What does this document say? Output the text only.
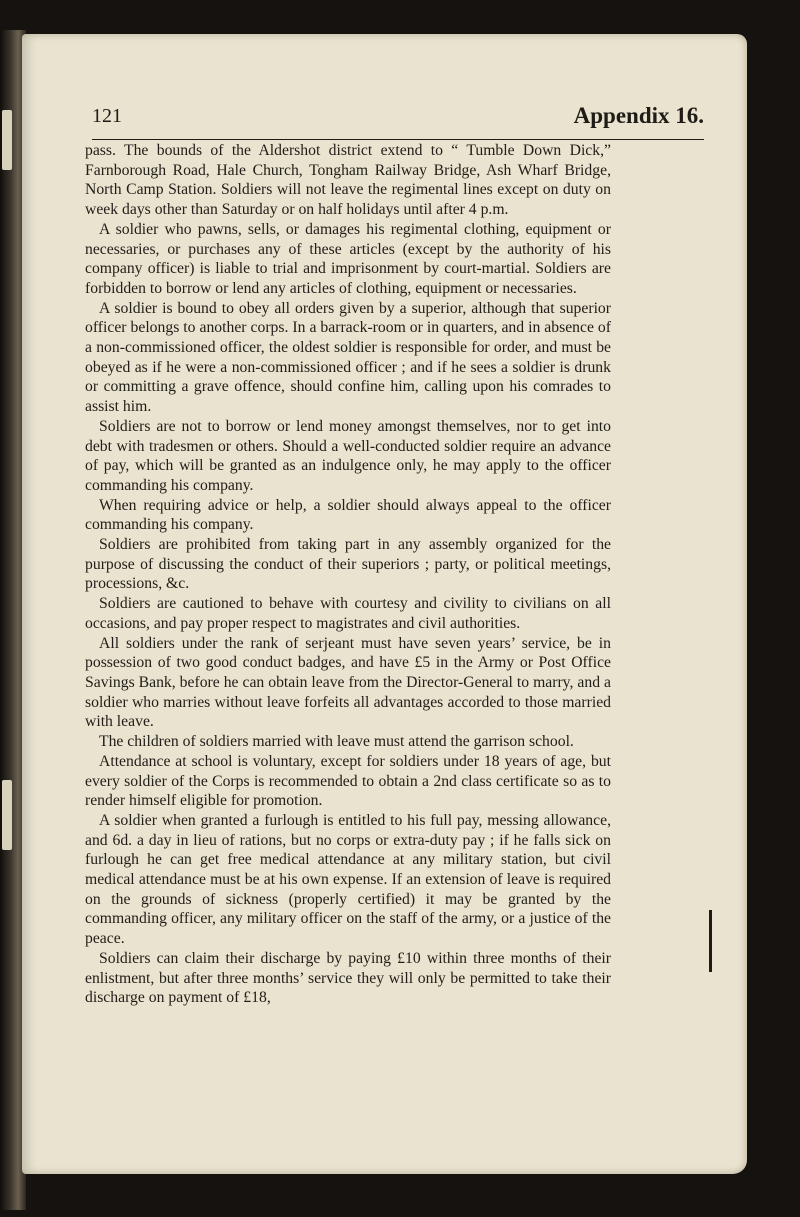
121	Appendix 16.

pass. The bounds of the Aldershot district extend to “ Tumble Down Dick,” Farnborough Road, Hale Church, Tongham Railway Bridge, Ash Wharf Bridge, North Camp Station. Soldiers will not leave the regimental lines except on duty on week days other than Saturday or on half holidays until after 4 p.m.

A soldier who pawns, sells, or damages his regimental clothing, equipment or necessaries, or purchases any of these articles (except by the authority of his company officer) is liable to trial and imprisonment by court-martial. Soldiers are forbidden to borrow or lend any articles of clothing, equipment or necessaries.

A soldier is bound to obey all orders given by a superior, although that superior officer belongs to another corps. In a barrack-room or in quarters, and in absence of a non-commissioned officer, the oldest soldier is responsible for order, and must be obeyed as if he were a non-commissioned officer ; and if he sees a soldier is drunk or committing a grave offence, should confine him, calling upon his comrades to assist him.

Soldiers are not to borrow or lend money amongst themselves, nor to get into debt with tradesmen or others. Should a well-conducted soldier require an advance of pay, which will be granted as an indulgence only, he may apply to the officer commanding his company.

When requiring advice or help, a soldier should always appeal to the officer commanding his company.

Soldiers are prohibited from taking part in any assembly organized for the purpose of discussing the conduct of their superiors ; party, or political meetings, processions, &c.

Soldiers are cautioned to behave with courtesy and civility to civilians on all occasions, and pay proper respect to magistrates and civil authorities.

All soldiers under the rank of serjeant must have seven years’ service, be in possession of two good conduct badges, and have £5 in the Army or Post Office Savings Bank, before he can obtain leave from the Director-General to marry, and a soldier who marries without leave forfeits all advantages accorded to those married with leave.

The children of soldiers married with leave must attend the garrison school.

Attendance at school is voluntary, except for soldiers under 18 years of age, but every soldier of the Corps is recommended to obtain a 2nd class certificate so as to render himself eligible for promotion.

A soldier when granted a furlough is entitled to his full pay, messing allowance, and 6d. a day in lieu of rations, but no corps or extra-duty pay ; if he falls sick on furlough he can get free medical attendance at any military station, but civil medical attendance must be at his own expense. If an extension of leave is required on the grounds of sickness (properly certified) it may be granted by the commanding officer, any military officer on the staff of the army, or a justice of the peace.

Soldiers can claim their discharge by paying £10 within three months of their enlistment, but after three months’ service they will only be permitted to take their discharge on payment of £18,
